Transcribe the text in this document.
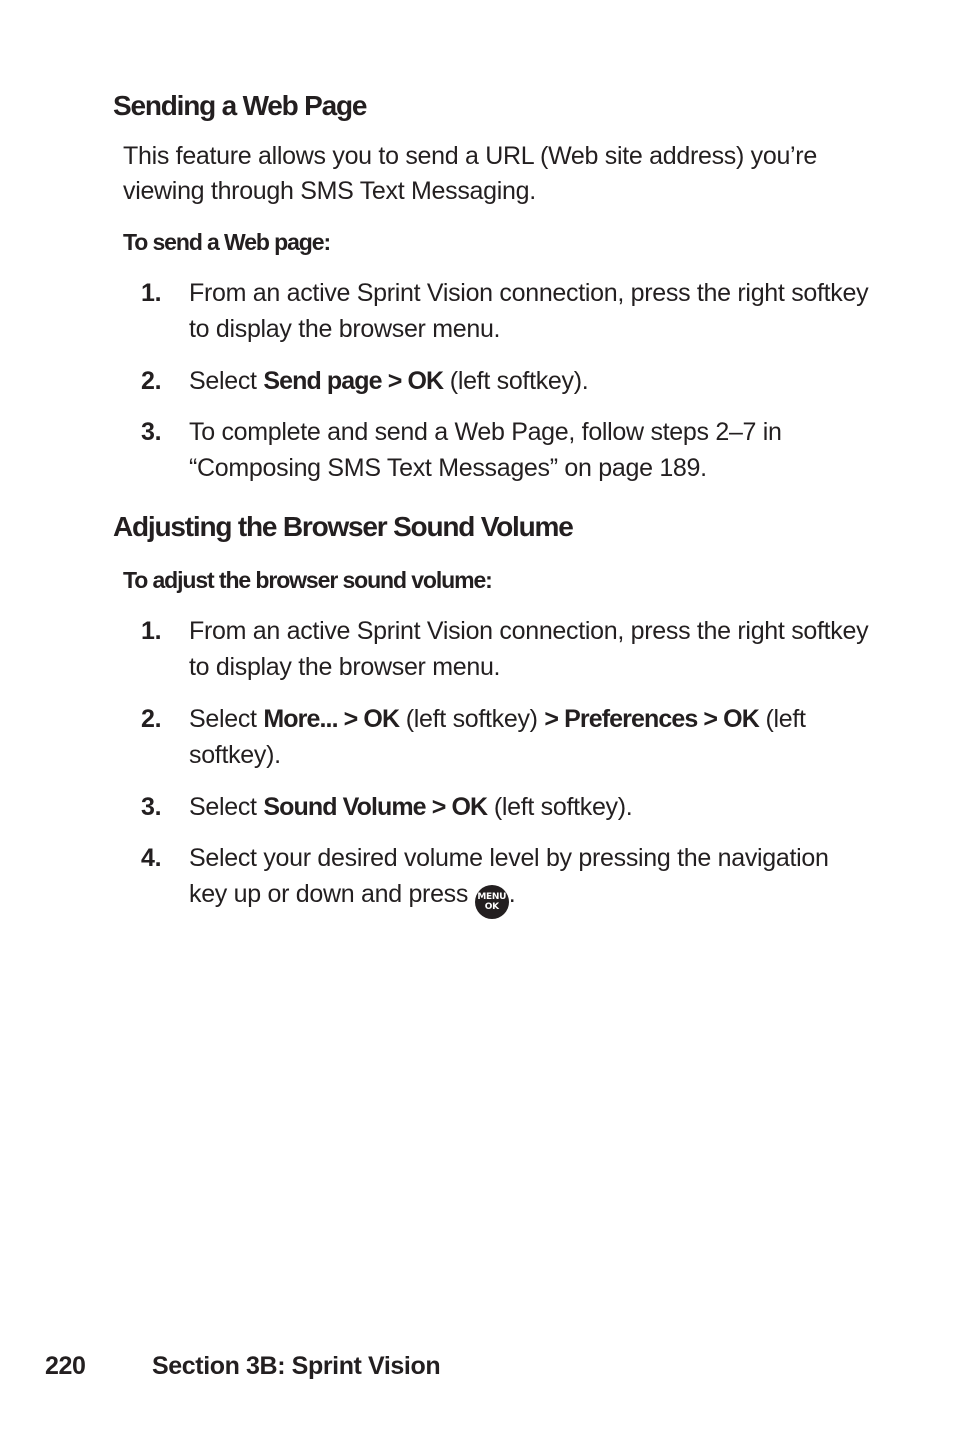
Sending a Web Page

This feature allows you to send a URL (Web site address) you’re viewing through SMS Text Messaging.

To send a Web page:
1.	From an active Sprint Vision connection, press the right softkey to display the browser menu.
2.	Select Send page > OK (left softkey).
3.	To complete and send a Web Page, follow steps 2–7 in “Composing SMS Text Messages” on page 189.
Adjusting the Browser Sound Volume
To adjust the browser sound volume:
1.	From an active Sprint Vision connection, press the right softkey to display the browser menu.
2.	Select More... > OK (left softkey) > Preferences > OK (left softkey).
3.	Select Sound Volume > OK (left softkey).
4.	Select your desired volume level by pressing the navigation key up or down and press MENU
OK .
220	Section 3B: Sprint Vision
